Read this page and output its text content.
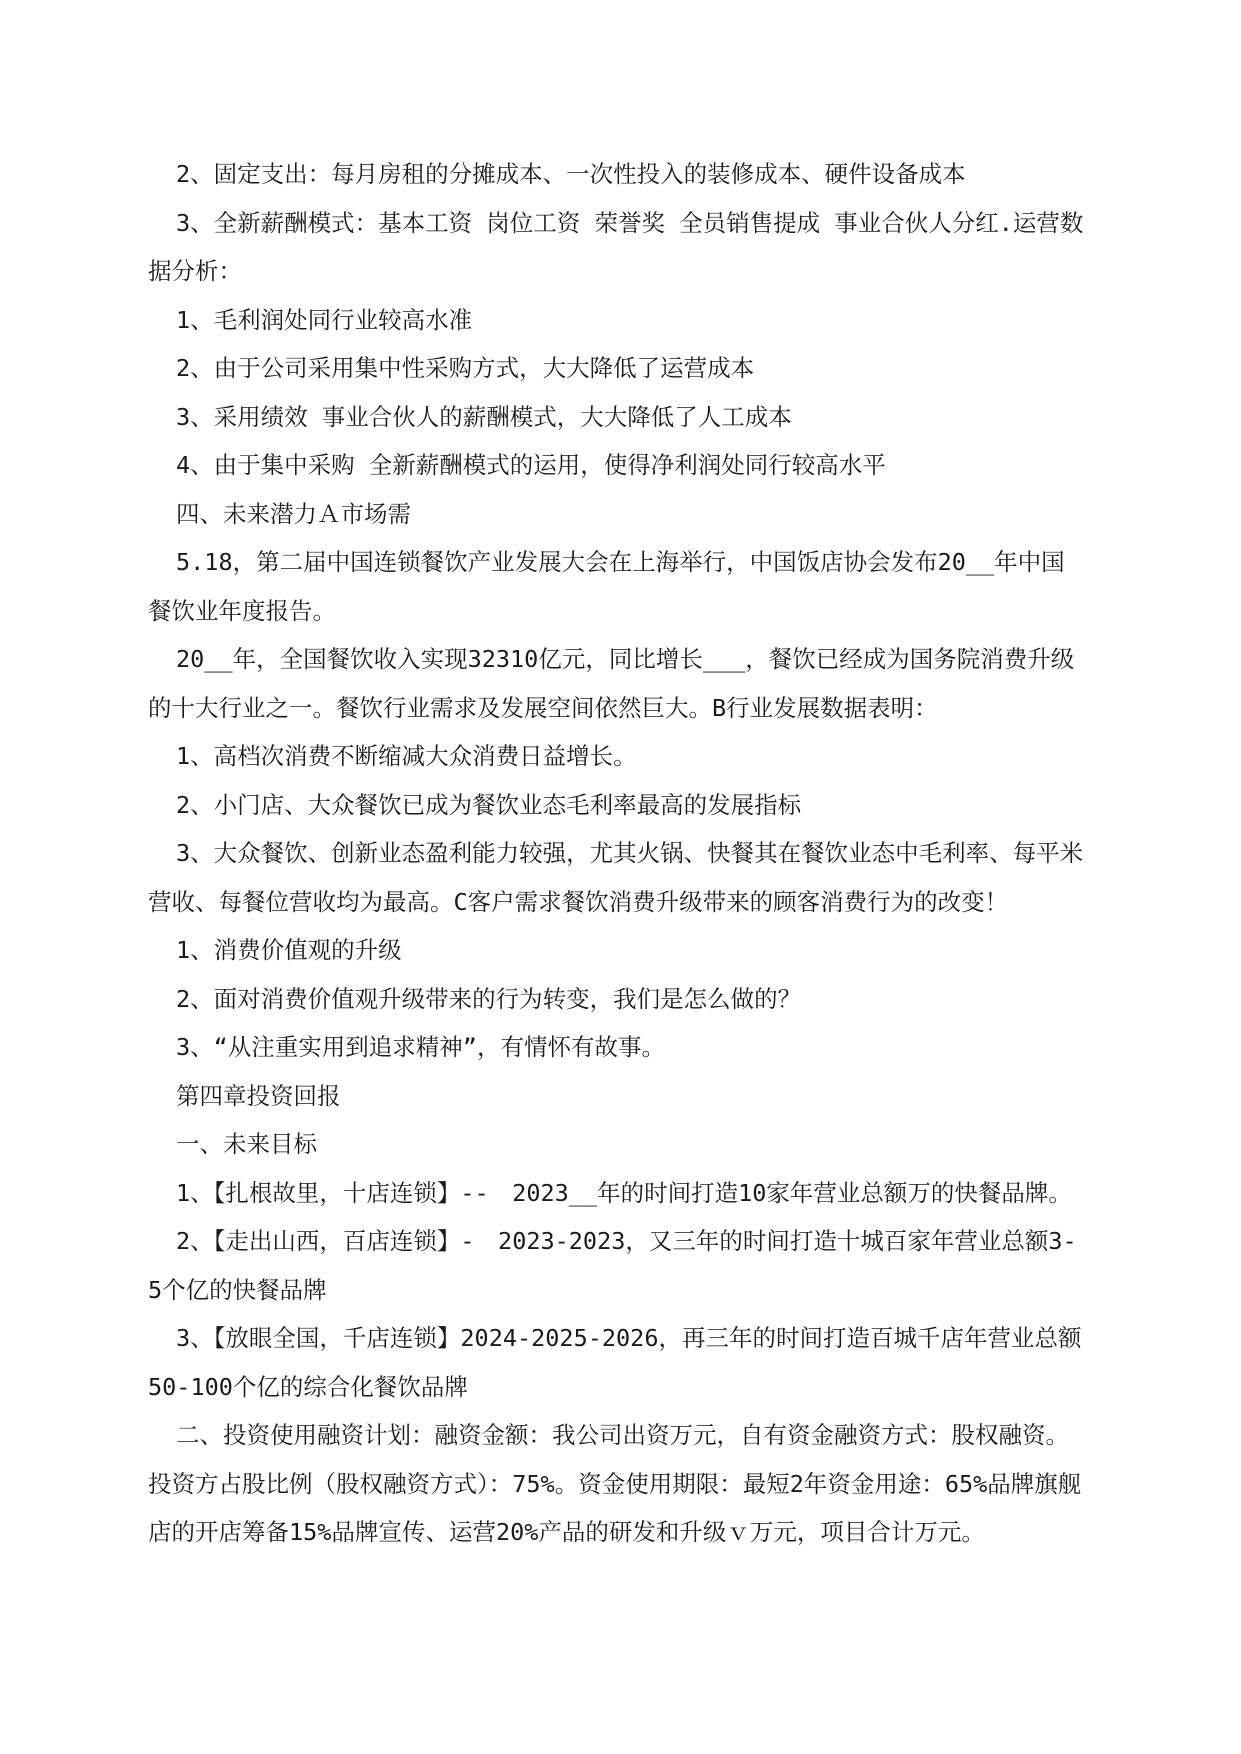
2、固定支出：每月房租的分摊成本、一次性投入的装修成本、硬件设备成本

3、全新薪酬模式：基本工资 岗位工资 荣誉奖 全员销售提成 事业合伙人分红.运营数据分析：

1、毛利润处同行业较高水准

2、由于公司采用集中性采购方式，大大降低了运营成本

3、采用绩效 事业合伙人的薪酬模式，大大降低了人工成本

4、由于集中采购 全新薪酬模式的运用，使得净利润处同行较高水平

四、未来潜力Ａ市场需

5.18，第二届中国连锁餐饮产业发展大会在上海举行，中国饭店协会发布20__年中国餐饮业年度报告。

20__年，全国餐饮收入实现32310亿元，同比增长___，餐饮已经成为国务院消费升级的十大行业之一。餐饮行业需求及发展空间依然巨大。B行业发展数据表明：

1、高档次消费不断缩减大众消费日益增长。

2、小门店、大众餐饮已成为餐饮业态毛利率最高的发展指标

3、大众餐饮、创新业态盈利能力较强，尤其火锅、快餐其在餐饮业态中毛利率、每平米营收、每餐位营收均为最高。C客户需求餐饮消费升级带来的顾客消费行为的改变！

1、消费价值观的升级

2、面对消费价值观升级带来的行为转变，我们是怎么做的？

3、“从注重实用到追求精神”，有情怀有故事。

第四章投资回报

一、未来目标

1、【扎根故里，十店连锁】--　2023__年的时间打造10家年营业总额万的快餐品牌。

2、【走出山西，百店连锁】-　2023-2023，又三年的时间打造十城百家年营业总额3-5个亿的快餐品牌

3、【放眼全国，千店连锁】2024-2025-2026，再三年的时间打造百城千店年营业总额50-100个亿的综合化餐饮品牌

二、投资使用融资计划：融资金额：我公司出资万元，自有资金融资方式：股权融资。投资方占股比例（股权融资方式）：75%。资金使用期限：最短2年资金用途：65%品牌旗舰店的开店筹备15%品牌宣传、运营20%产品的研发和升级ｖ万元，项目合计万元。
